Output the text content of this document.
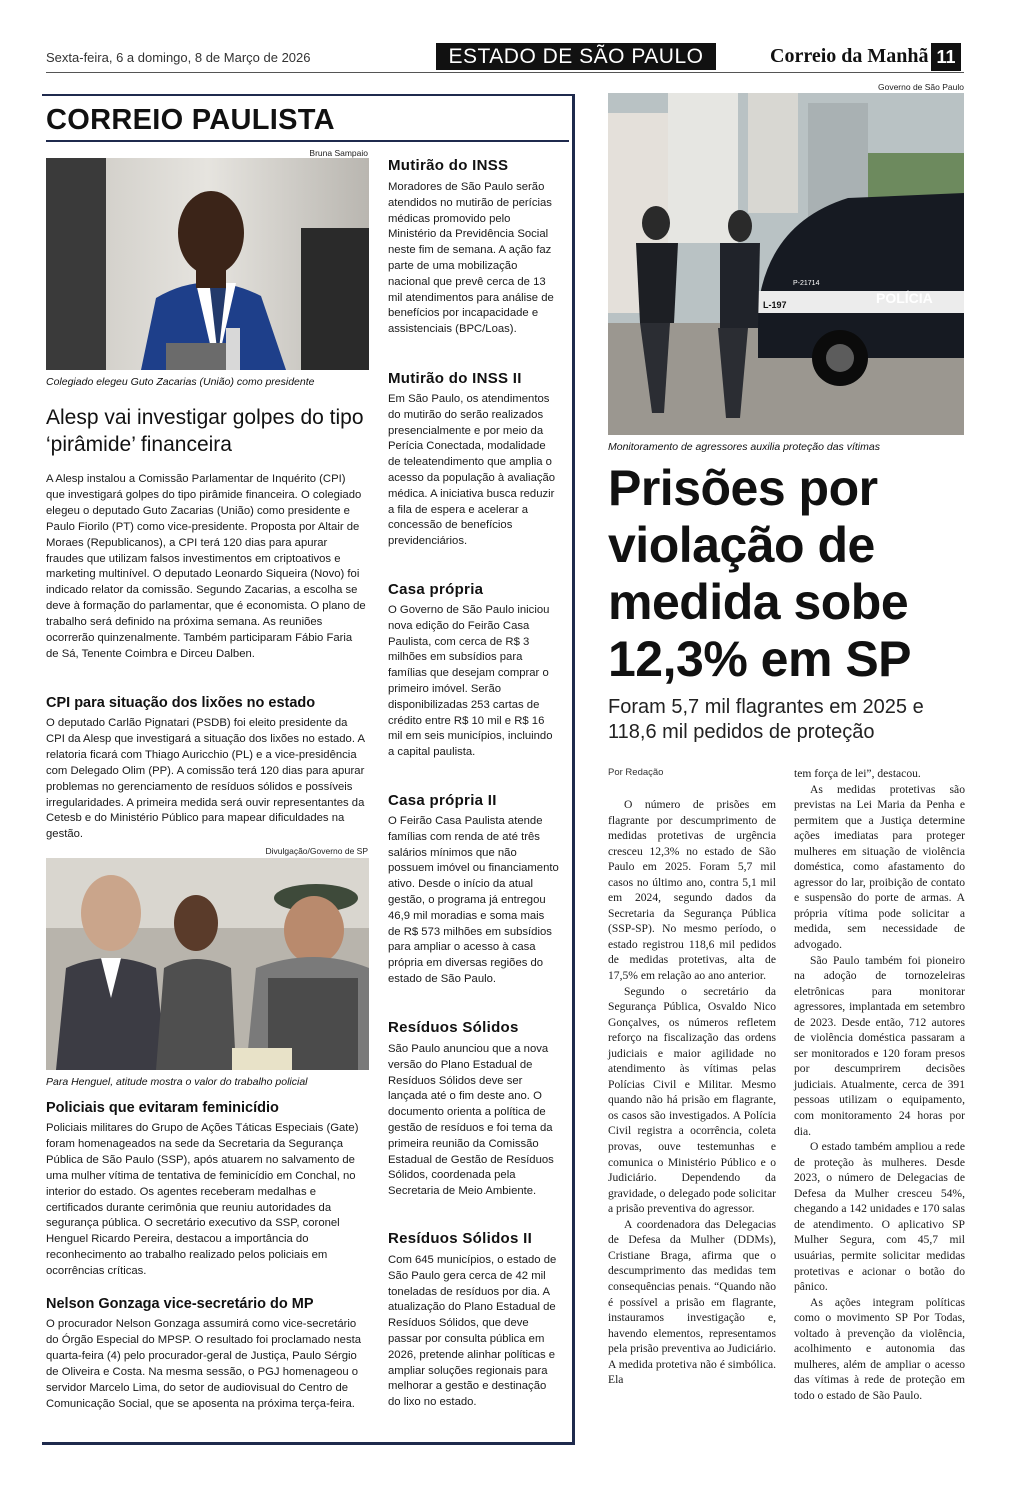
Sexta-feira, 6 a domingo, 8 de Março de 2026	ESTADO DE SÃO PAULO	Correio da Manhã 11
CORREIO PAULISTA
Bruna Sampaio
Colegiado elegeu Guto Zacarias (União) como presidente
Alesp vai investigar golpes do tipo ‘pirâmide’ financeira
A Alesp instalou a Comissão Parlamentar de Inquérito (CPI) que investigará golpes do tipo pirâmide financeira. O colegiado elegeu o deputado Guto Zacarias (União) como presidente e Paulo Fiorilo (PT) como vice-presidente. Proposta por Altair de Moraes (Republicanos), a CPI terá 120 dias para apurar fraudes que utilizam falsos investimentos em criptoativos e marketing multinível. O deputado Leonardo Siqueira (Novo) foi indicado relator da comissão. Segundo Zacarias, a escolha se deve à formação do parlamentar, que é economista. O plano de trabalho será definido na próxima semana. As reuniões ocorrerão quinzenalmente. Também participaram Fábio Faria de Sá, Tenente Coimbra e Dirceu Dalben.
CPI para situação dos lixões no estado
O deputado Carlão Pignatari (PSDB) foi eleito presidente da CPI da Alesp que investigará a situação dos lixões no estado. A relatoria ficará com Thiago Auricchio (PL) e a vice-presidência com Delegado Olim (PP). A comissão terá 120 dias para apurar problemas no gerenciamento de resíduos sólidos e possíveis irregularidades. A primeira medida será ouvir representantes da Cetesb e do Ministério Público para mapear dificuldades na gestão.
Divulgação/Governo de SP
Para Henguel, atitude mostra o valor do trabalho policial
Policiais que evitaram feminicídio
Policiais militares do Grupo de Ações Táticas Especiais (Gate) foram homenageados na sede da Secretaria da Segurança Pública de São Paulo (SSP), após atuarem no salvamento de uma mulher vítima de tentativa de feminicídio em Conchal, no interior do estado. Os agentes receberam medalhas e certificados durante cerimônia que reuniu autoridades da segurança pública. O secretário executivo da SSP, coronel Henguel Ricardo Pereira, destacou a importância do reconhecimento ao trabalho realizado pelos policiais em ocorrências críticas.
Nelson Gonzaga vice-secretário do MP
O procurador Nelson Gonzaga assumirá como vice-secretário do Órgão Especial do MPSP. O resultado foi proclamado nesta quarta-feira (4) pelo procurador-geral de Justiça, Paulo Sérgio de Oliveira e Costa. Na mesma sessão, o PGJ homenageou o servidor Marcelo Lima, do setor de audiovisual do Centro de Comunicação Social, que se aposenta na próxima terça-feira.
Mutirão do INSS
Moradores de São Paulo serão atendidos no mutirão de perícias médicas promovido pelo Ministério da Previdência Social neste fim de semana. A ação faz parte de uma mobilização nacional que prevê cerca de 13 mil atendimentos para análise de benefícios por incapacidade e assistenciais (BPC/Loas).
Mutirão do INSS II
Em São Paulo, os atendimentos do mutirão do serão realizados presencialmente e por meio da Perícia Conectada, modalidade de teleatendimento que amplia o acesso da população à avaliação médica. A iniciativa busca reduzir a fila de espera e acelerar a concessão de benefícios previdenciários.
Casa própria
O Governo de São Paulo iniciou nova edição do Feirão Casa Paulista, com cerca de R$ 3 milhões em subsídios para famílias que desejam comprar o primeiro imóvel. Serão disponibilizadas 253 cartas de crédito entre R$ 10 mil e R$ 16 mil em seis municípios, incluindo a capital paulista.
Casa própria II
O Feirão Casa Paulista atende famílias com renda de até três salários mínimos que não possuem imóvel ou financiamento ativo. Desde o início da atual gestão, o programa já entregou 46,9 mil moradias e soma mais de R$ 573 milhões em subsídios para ampliar o acesso à casa própria em diversas regiões do estado de São Paulo.
Resíduos Sólidos
São Paulo anunciou que a nova versão do Plano Estadual de Resíduos Sólidos deve ser lançada até o fim deste ano. O documento orienta a política de gestão de resíduos e foi tema da primeira reunião da Comissão Estadual de Gestão de Resíduos Sólidos, coordenada pela Secretaria de Meio Ambiente.
Resíduos Sólidos II
Com 645 municípios, o estado de São Paulo gera cerca de 42 mil toneladas de resíduos por dia. A atualização do Plano Estadual de Resíduos Sólidos, que deve passar por consulta pública em 2026, pretende alinhar políticas e ampliar soluções regionais para melhorar a gestão e destinação do lixo no estado.
Governo de São Paulo
POLÍCIA
P-21714
L-197
Monitoramento de agressores auxilia proteção das vítimas
Prisões por violação de medida sobe 12,3% em SP
Foram 5,7 mil flagrantes em 2025 e 118,6 mil pedidos de proteção
Por Redação

O número de prisões em flagrante por descumprimento de medidas protetivas de urgência cresceu 12,3% no estado de São Paulo em 2025. Foram 5,7 mil casos no último ano, contra 5,1 mil em 2024, segundo dados da Secretaria da Segurança Pública (SSP-SP). No mesmo período, o estado registrou 118,6 mil pedidos de medidas protetivas, alta de 17,5% em relação ao ano anterior.

Segundo o secretário da Segurança Pública, Osvaldo Nico Gonçalves, os números refletem reforço na fiscalização das ordens judiciais e maior agilidade no atendimento às vítimas pelas Polícias Civil e Militar. Mesmo quando não há prisão em flagrante, os casos são investigados. A Polícia Civil registra a ocorrência, coleta provas, ouve testemunhas e comunica o Ministério Público e o Judiciário. Dependendo da gravidade, o delegado pode solicitar a prisão preventiva do agressor.

A coordenadora das Delegacias de Defesa da Mulher (DDMs), Cristiane Braga, afirma que o descumprimento das medidas tem consequências penais. “Quando não é possível a prisão em flagrante, instauramos investigação e, havendo elementos, representamos pela prisão preventiva ao Judiciário. A medida protetiva não é simbólica. Ela

tem força de lei”, destacou.

As medidas protetivas são previstas na Lei Maria da Penha e permitem que a Justiça determine ações imediatas para proteger mulheres em situação de violência doméstica, como afastamento do agressor do lar, proibição de contato e suspensão do porte de armas. A própria vítima pode solicitar a medida, sem necessidade de advogado.

São Paulo também foi pioneiro na adoção de tornozeleiras eletrônicas para monitorar agressores, implantada em setembro de 2023. Desde então, 712 autores de violência doméstica passaram a ser monitorados e 120 foram presos por descumprirem decisões judiciais. Atualmente, cerca de 391 pessoas utilizam o equipamento, com monitoramento 24 horas por dia.

O estado também ampliou a rede de proteção às mulheres. Desde 2023, o número de Delegacias de Defesa da Mulher cresceu 54%, chegando a 142 unidades e 170 salas de atendimento. O aplicativo SP Mulher Segura, com 45,7 mil usuárias, permite solicitar medidas protetivas e acionar o botão do pânico.

As ações integram políticas como o movimento SP Por Todas, voltado à prevenção da violência, acolhimento e autonomia das mulheres, além de ampliar o acesso das vítimas à rede de proteção em todo o estado de São Paulo.
